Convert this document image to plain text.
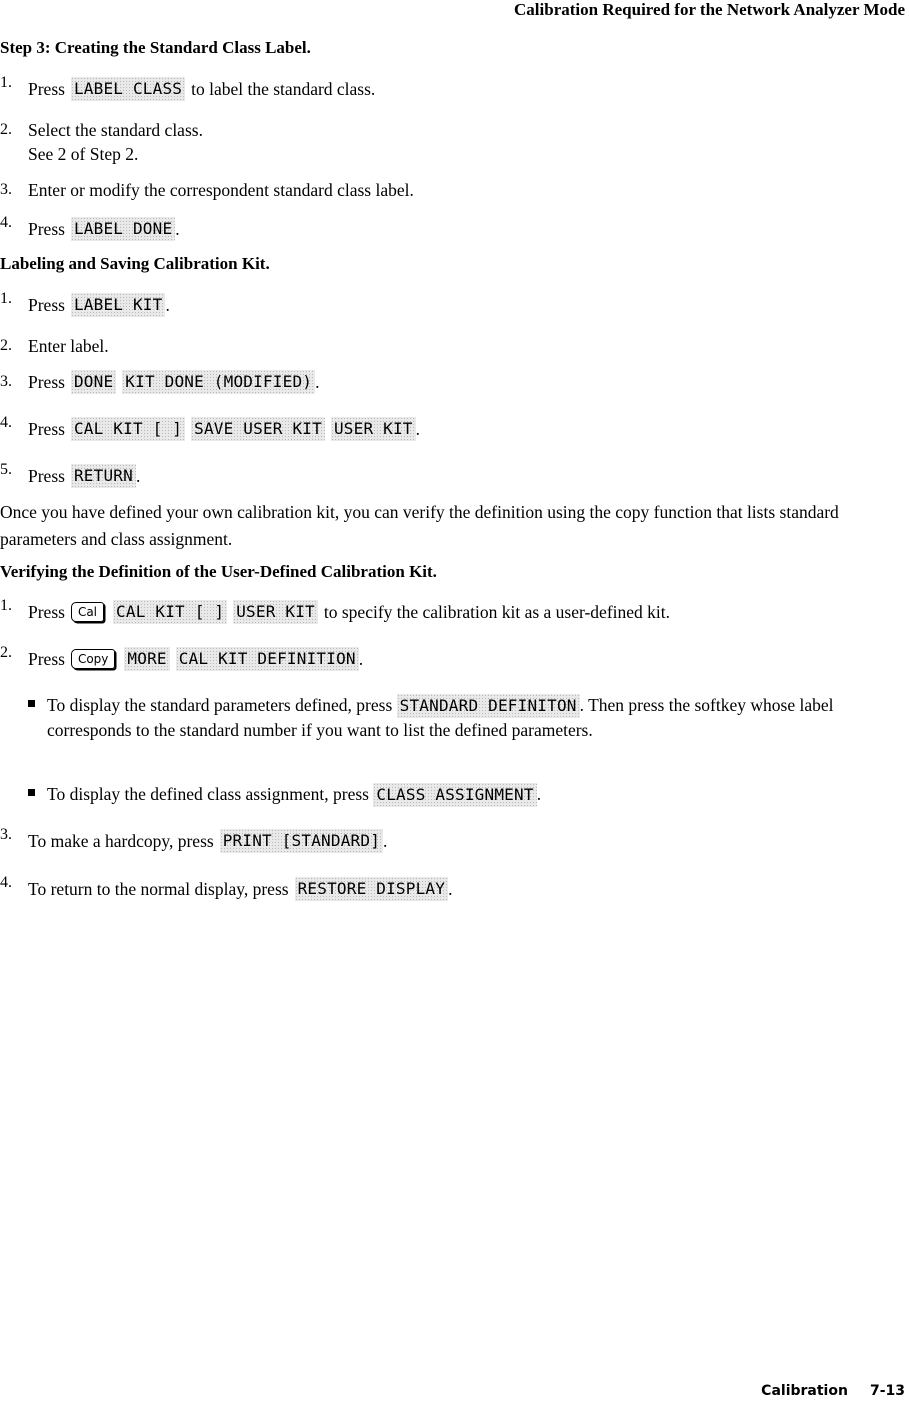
Calibration Required for the Network Analyzer Mode
Step 3: Creating the Standard Class Label.
1. Press LABEL CLASS to label the standard class.
2. Select the standard class.
See 2 of Step 2.
3. Enter or modify the correspondent standard class label.
4. Press LABEL DONE .
Labeling and Saving Calibration Kit.
1. Press LABEL KIT .
2. Enter label.
3. Press DONE KIT DONE (MODIFIED) .
4. Press CAL KIT [ ] SAVE USER KIT USER KIT .
5. Press RETURN .
Once you have defined your own calibration kit, you can verify the definition using the copy function that lists standard parameters and class assignment.
Verifying the Definition of the User-Defined Calibration Kit.
1. Press	Cal	CAL KIT [ ] USER KIT to specify the calibration kit as a user-defined kit.
2. Press	Copy	MORE CAL KIT DEFINITION .
To display the standard parameters defined, press STANDARD DEFINITON . Then press the softkey whose label corresponds to the standard number if you want to list the defined parameters.
To display the defined class assignment, press CLASS ASSIGNMENT .
3. To make a hardcopy, press PRINT [STANDARD] .
4. To return to the normal display, press RESTORE DISPLAY .
Calibration 7-13
